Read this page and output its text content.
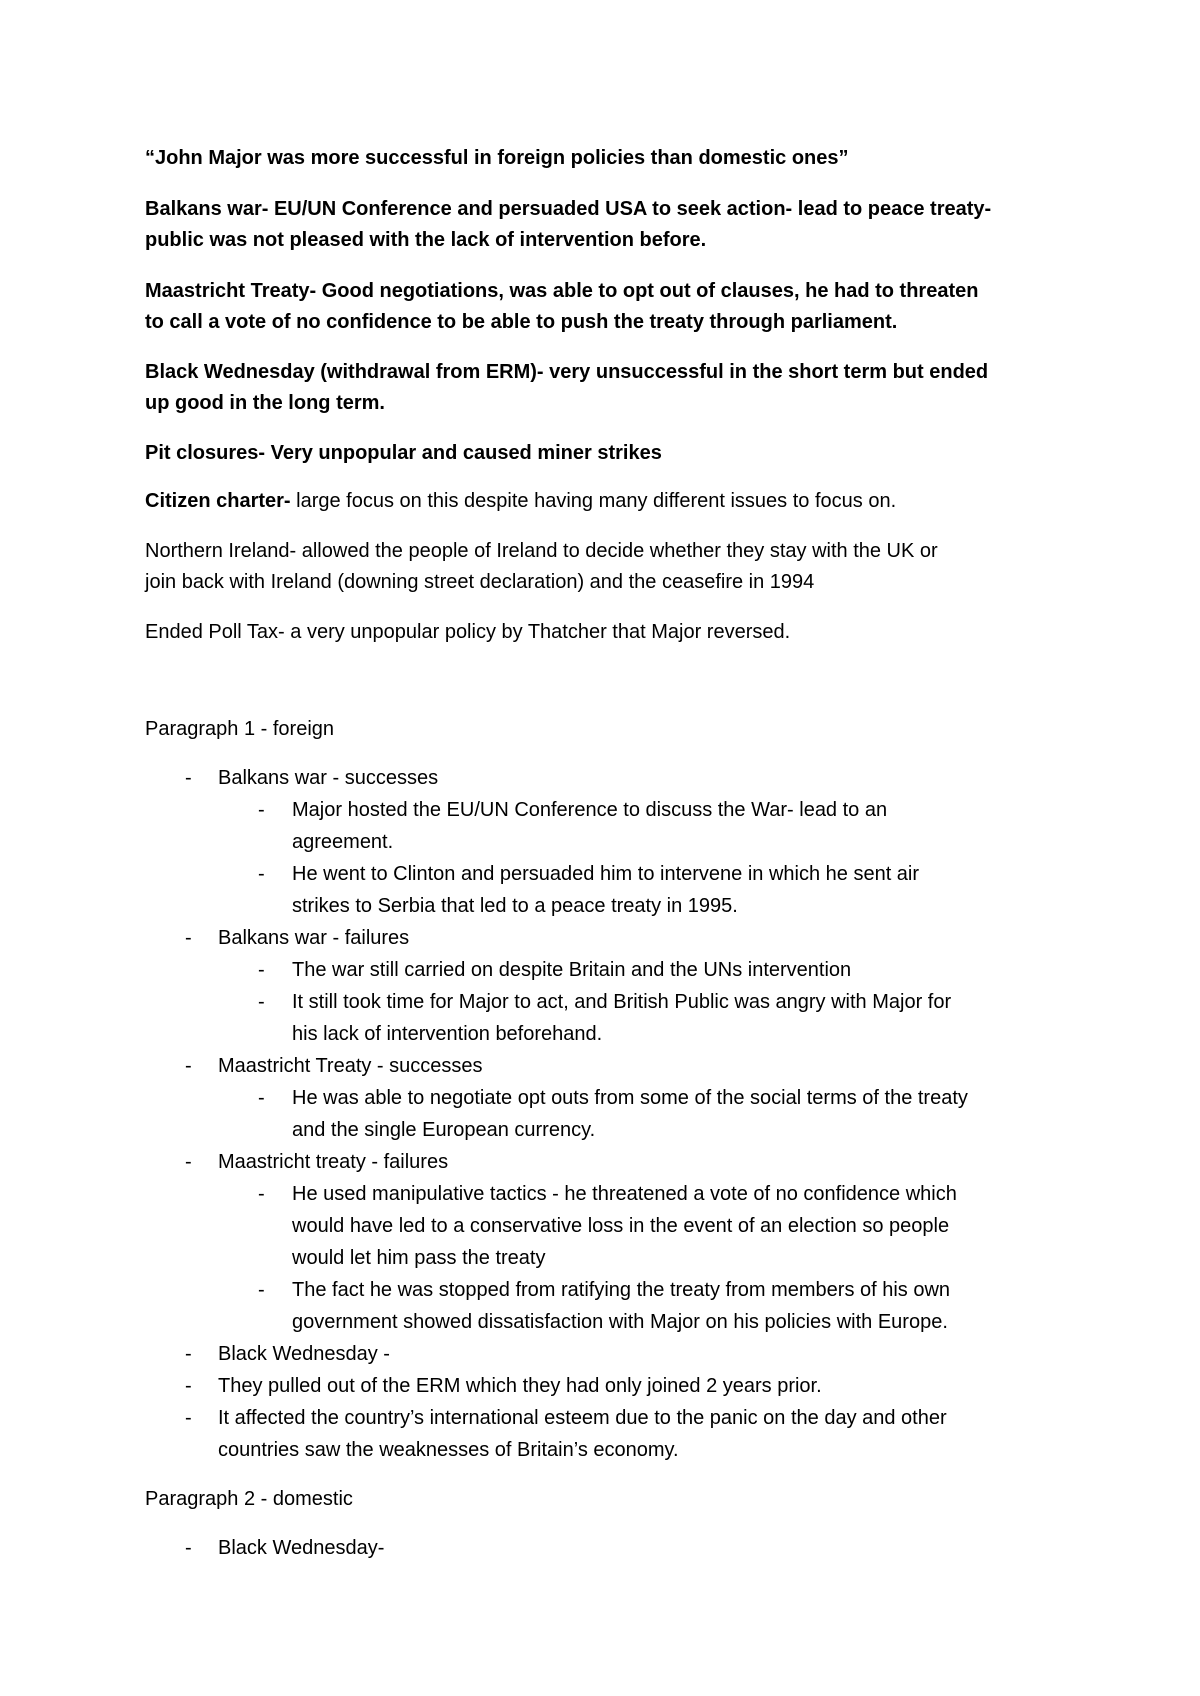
“John Major was more successful in foreign policies than domestic ones”
Balkans war- EU/UN Conference and persuaded USA to seek action- lead to peace treaty-
public was not pleased with the lack of intervention before.
Maastricht Treaty- Good negotiations, was able to opt out of clauses, he had to threaten
to call a vote of no confidence to be able to push the treaty through parliament.
Black Wednesday (withdrawal from ERM)- very unsuccessful in the short term but ended
up good in the long term.
Pit closures- Very unpopular and caused miner strikes
Citizen charter- large focus on this despite having many different issues to focus on.
Northern Ireland- allowed the people of Ireland to decide whether they stay with the UK or
join back with Ireland (downing street declaration) and the ceasefire in 1994
Ended Poll Tax- a very unpopular policy by Thatcher that Major reversed.
Paragraph 1 - foreign
- Balkans war - successes
- Major hosted the EU/UN Conference to discuss the War- lead to an
agreement.
- He went to Clinton and persuaded him to intervene in which he sent air
strikes to Serbia that led to a peace treaty in 1995.
- Balkans war - failures
- The war still carried on despite Britain and the UNs intervention
- It still took time for Major to act, and British Public was angry with Major for
his lack of intervention beforehand.
- Maastricht Treaty - successes
- He was able to negotiate opt outs from some of the social terms of the treaty
and the single European currency.
- Maastricht treaty - failures
- He used manipulative tactics - he threatened a vote of no confidence which
would have led to a conservative loss in the event of an election so people
would let him pass the treaty
- The fact he was stopped from ratifying the treaty from members of his own
government showed dissatisfaction with Major on his policies with Europe.
- Black Wednesday -
- They pulled out of the ERM which they had only joined 2 years prior.
- It affected the country’s international esteem due to the panic on the day and other
countries saw the weaknesses of Britain’s economy.
Paragraph 2 - domestic
- Black Wednesday-
